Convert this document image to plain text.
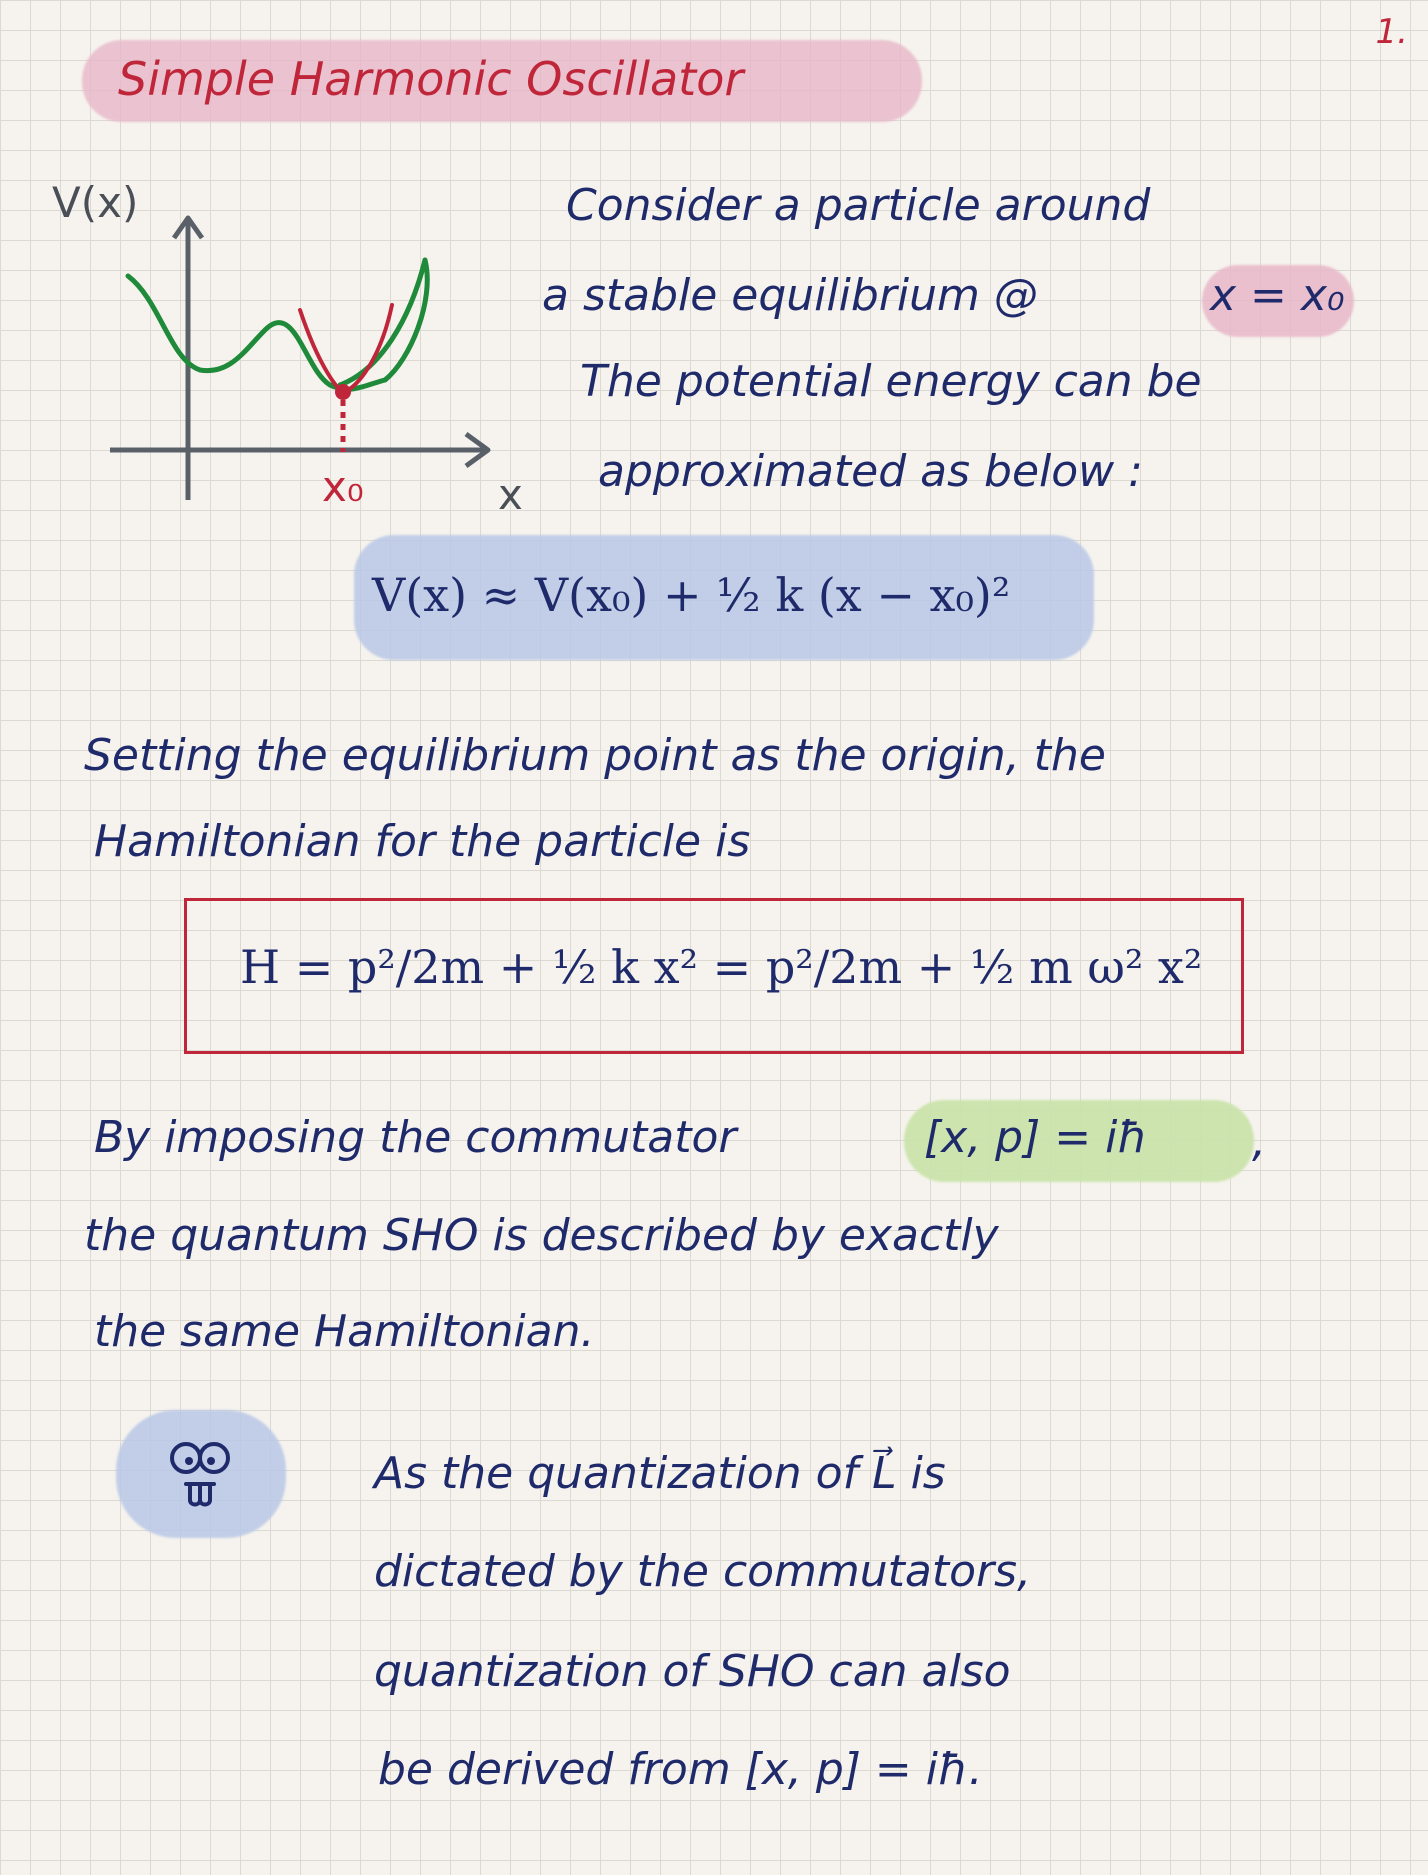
1.
Simple Harmonic Oscillator
V(x)
x
x₀
Consider a particle around
a stable equilibrium @	x = x₀
The potential energy can be
approximated as below :
V(x) ≈ V(x₀) + ½ k (x − x₀)²
Setting the equilibrium point as the origin, the
Hamiltonian for the particle is
H = p²/2m + ½ k x² = p²/2m + ½ m ω² x²
By imposing the commutator	[x, p] = iħ ,
the quantum SHO is described by exactly
the same Hamiltonian.
As the quantization of L⃗ is
dictated by the commutators,
quantization of SHO can also
be derived from [x, p] = iħ.
